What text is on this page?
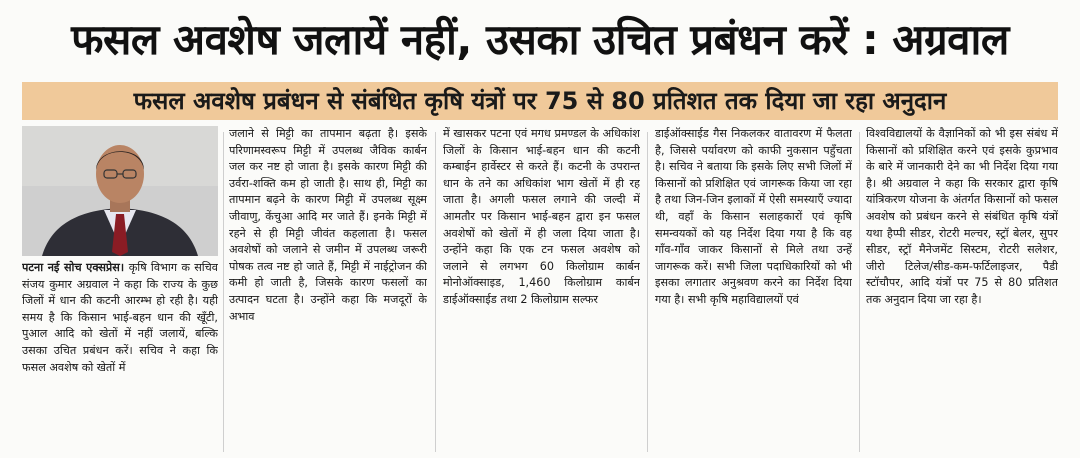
फसल अवशेष जलायें नहीं, उसका उचित प्रबंधन करें : अग्रवाल
फसल अवशेष प्रबंधन से संबंधित कृषि यंत्रों पर 75 से 80 प्रतिशत तक दिया जा रहा अनुदान
पटना नई सोच एक्सप्रेस। कृषि विभाग क सचिव संजय कुमार अग्रवाल ने कहा कि राज्य के कुछ जिलों में धान की कटनी आरम्भ हो रही है। यही समय है कि किसान भाई-बहन धान की खूँटी, पुआल आदि को खेतों में नहीं जलायें, बल्कि उसका उचित प्रबंधन करें। सचिव ने कहा कि फसल अवशेष को खेतों में
जलाने से मिट्टी का तापमान बढ़ता है। इसके परिणामस्वरूप मिट्टी में उपलब्ध जैविक कार्बन जल कर नष्ट हो जाता है। इसके कारण मिट्टी की उर्वरा-शक्ति कम हो जाती है। साथ ही, मिट्टी का तापमान बढ़ने के कारण मिट्टी में उपलब्ध सूक्ष्म जीवाणु, केंचुआ आदि मर जाते हैं। इनके मिट्टी में रहने से ही मिट्टी जीवंत कहलाता है। फसल अवशेषों को जलाने से जमीन में उपलब्ध जरूरी पोषक तत्व नष्ट हो जाते हैं, मिट्टी में नाईट्रोजन की कमी हो जाती है, जिसके कारण फसलों का उत्पादन घटता है। उन्होंने कहा कि मजदूरों के अभाव
में खासकर पटना एवं मगध प्रमण्डल के अधिकांश जिलों के किसान भाई-बहन धान की कटनी कम्बाईन हार्वेस्टर से करते हैं। कटनी के उपरान्त धान के तने का अधिकांश भाग खेतों में ही रह जाता है। अगली फसल लगाने की जल्दी में आमतौर पर किसान भाई-बहन द्वारा इन फसल अवशेषों को खेतों में ही जला दिया जाता है। उन्होंने कहा कि एक टन फसल अवशेष को जलाने से लगभग 60 किलोग्राम कार्बन मोनोऑक्साइड, 1,460 किलोग्राम कार्बन डाईऑक्साईड तथा 2 किलोग्राम सल्फर
डाईऑक्साईड गैस निकलकर वातावरण में फैलता है, जिससे पर्यावरण को काफी नुकसान पहुँचता है। सचिव ने बताया कि इसके लिए सभी जिलों में किसानों को प्रशिक्षित एवं जागरूक किया जा रहा है तथा जिन-जिन इलाकों में ऐसी समस्याएँ ज्यादा थी, वहाँ के किसान सलाहकारों एवं कृषि समन्वयकों को यह निर्देश दिया गया है कि वह गाँव-गाँव जाकर किसानों से मिले तथा उन्हें जागरूक करें। सभी जिला पदाधिकारियों को भी इसका लगातार अनुश्रवण करने का निर्देश दिया गया है। सभी कृषि महाविद्यालयों एवं
विश्वविद्यालयों के वैज्ञानिकों को भी इस संबंध में किसानों को प्रशिक्षित करने एवं इसके कुप्रभाव के बारे में जानकारी देने का भी निर्देश दिया गया है। श्री अग्रवाल ने कहा कि सरकार द्वारा कृषि यांत्रिकरण योजना के अंतर्गत किसानों को फसल अवशेष को प्रबंधन करने से संबंधित कृषि यंत्रों यथा हैप्पी सीडर, रोटरी मल्चर, स्ट्रॉ बेलर, सुपर सीडर, स्ट्रॉ मैनेजमेंट सिस्टम, रोटरी सलेशर, जीरो टिलेज/सीड-कम-फर्टिलाइजर, पैडी स्टॉचौपर, आदि यंत्रों पर 75 से 80 प्रतिशत तक अनुदान दिया जा रहा है।
